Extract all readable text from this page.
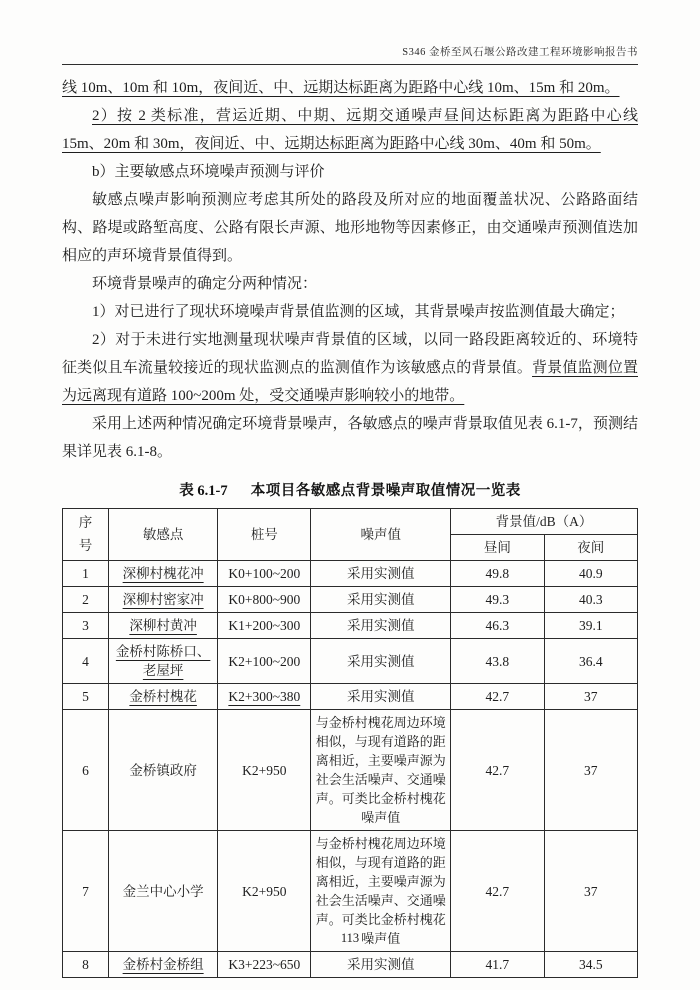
S346 金桥至风石堰公路改建工程环境影响报告书

线 10m、10m 和 10m，夜间近、中、远期达标距离为距路中心线 10m、15m 和 20m。

2）按 2 类标准，营运近期、中期、远期交通噪声昼间达标距离为距路中心线 15m、20m 和 30m，夜间近、中、远期达标距离为距路中心线 30m、40m 和 50m。

b）主要敏感点环境噪声预测与评价

敏感点噪声影响预测应考虑其所处的路段及所对应的地面覆盖状况、公路路面结构、路堤或路堑高度、公路有限长声源、地形地物等因素修正，由交通噪声预测值迭加相应的声环境背景值得到。

环境背景噪声的确定分两种情况：

1）对已进行了现状环境噪声背景值监测的区域，其背景噪声按监测值最大确定；

2）对于未进行实地测量现状噪声背景值的区域，以同一路段距离较近的、环境特征类似且车流量较接近的现状监测点的监测值作为该敏感点的背景值。背景值监测位置为远离现有道路 100~200m 处，受交通噪声影响较小的地带。

采用上述两种情况确定环境背景噪声，各敏感点的噪声背景取值见表 6.1-7，预测结果详见表 6.1-8。

表 6.1-7 本项目各敏感点背景噪声取值情况一览表
序号	敏感点	桩号	噪声值	背景值/dB（A）	
				昼间	夜间
1	深柳村槐花冲	K0+100~200	采用实测值	49.8	40.9
2	深柳村密家冲	K0+800~900	采用实测值	49.3	40.3
3	深柳村黄冲	K1+200~300	采用实测值	46.3	39.1
4	金桥村陈桥口、老屋坪	K2+100~200	采用实测值	43.8	36.4
5	金桥村槐花	K2+300~380	采用实测值	42.7	37
6	金桥镇政府	K2+950	与金桥村槐花周边环境相似，与现有道路的距离相近，主要噪声源为社会生活噪声、交通噪声。可类比金桥村槐花噪声值	42.7	37
7	金兰中心小学	K2+950	与金桥村槐花周边环境相似，与现有道路的距离相近，主要噪声源为社会生活噪声、交通噪声。可类比金桥村槐花噪声值	42.7	37
8	金桥村金桥组	K3+223~650	采用实测值	41.7	34.5
113
